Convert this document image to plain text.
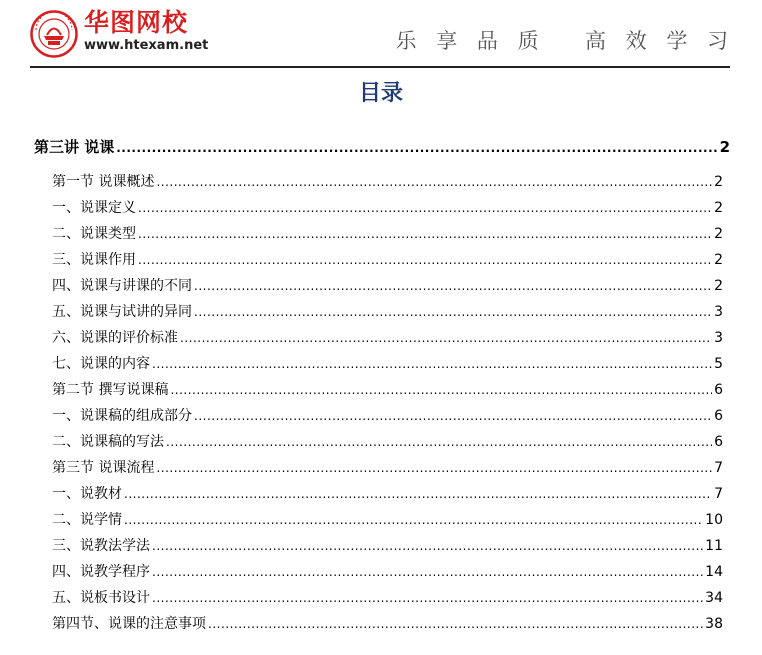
华图网校
www.htexam.net	乐 享 品 质 高 效 学 习
目录
第三讲 说课 .....	2
第一节 说课概述 .....	2
一、说课定义 .....	2
二、说课类型 .....	2
三、说课作用 .....	2
四、说课与讲课的不同 .....	2
五、说课与试讲的异同 .....	3
六、说课的评价标准 .....	3
七、说课的内容 .....	5
第二节 撰写说课稿 .....	6
一、说课稿的组成部分 .....	6
二、说课稿的写法 .....	6
第三节 说课流程 .....	7
一、说教材 .....	7
二、说学情 .....	10
三、说教法学法 .....	11
四、说教学程序 .....	14
五、说板书设计 .....	34
第四节、说课的注意事项 .....	38
